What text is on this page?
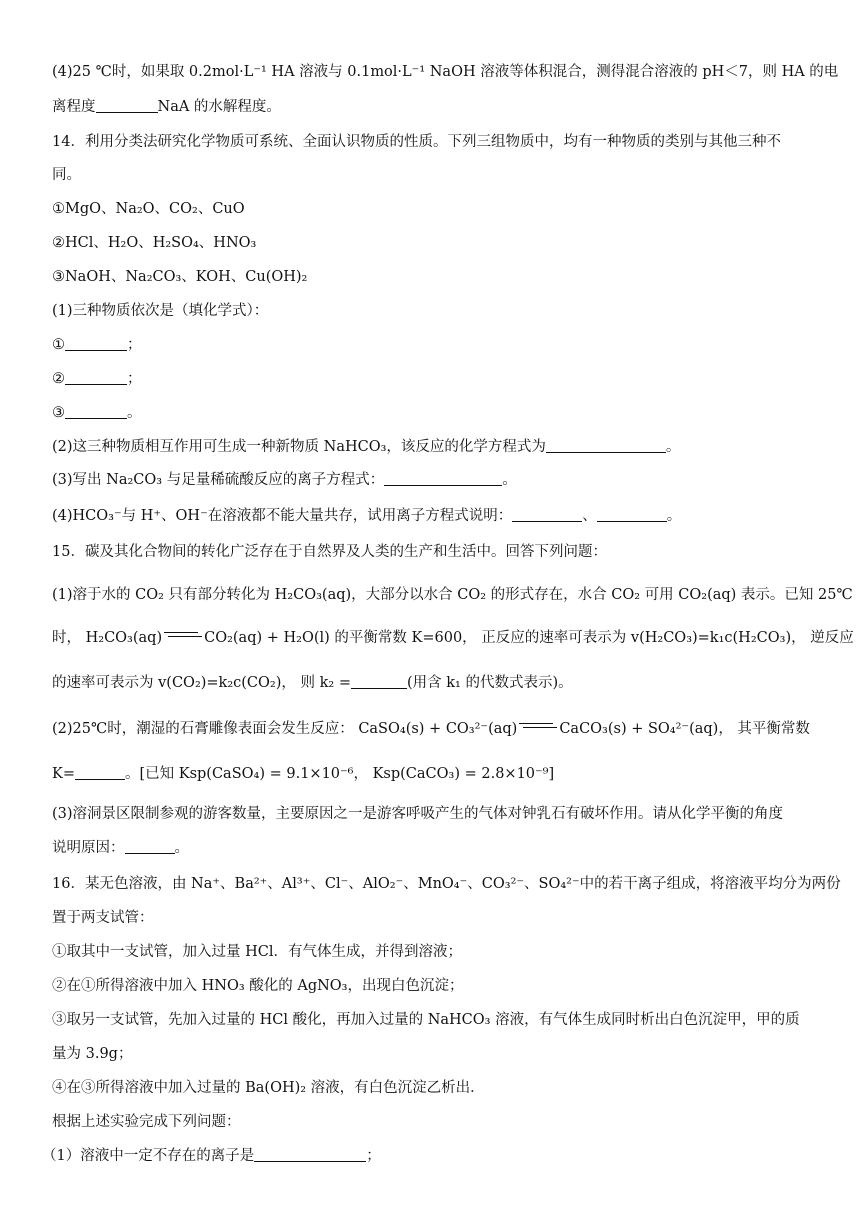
(4)25 ℃时，如果取 0.2mol·L⁻¹ HA 溶液与 0.1mol·L⁻¹ NaOH 溶液等体积混合，测得混合溶液的 pH＜7，则 HA 的电
离程度	NaA 的水解程度。
14．利用分类法研究化学物质可系统、全面认识物质的性质。下列三组物质中，均有一种物质的类别与其他三种不
同。
①MgO、Na₂O、CO₂、CuO
②HCl、H₂O、H₂SO₄、HNO₃
③NaOH、Na₂CO₃、KOH、Cu(OH)₂
(1)三种物质依次是（填化学式）：
①	；
②	；
③	。
(2)这三种物质相互作用可生成一种新物质 NaHCO₃，该反应的化学方程式为	。
(3)写出 Na₂CO₃ 与足量稀硫酸反应的离子方程式：	。
(4)HCO₃⁻与 H⁺、OH⁻在溶液都不能大量共存，试用离子方程式说明：	、	。
15．碳及其化合物间的转化广泛存在于自然界及人类的生产和生活中。回答下列问题：
(1)溶于水的 CO₂ 只有部分转化为 H₂CO₃(aq)，大部分以水合 CO₂ 的形式存在，水合 CO₂ 可用 CO₂(aq) 表示。已知 25℃
时， H₂CO₃(aq)	CO₂(aq) + H₂O(l) 的平衡常数 K=600， 正反应的速率可表示为 v(H₂CO₃)=k₁c(H₂CO₃)， 逆反应
的速率可表示为 v(CO₂)=k₂c(CO₂)， 则 k₂ =	(用含 k₁ 的代数式表示)。
(2)25℃时，潮湿的石膏雕像表面会发生反应： CaSO₄(s) + CO₃²⁻(aq)	CaCO₃(s) + SO₄²⁻(aq)， 其平衡常数
K=	。[已知 Ksp(CaSO₄) = 9.1×10⁻⁶， Ksp(CaCO₃) = 2.8×10⁻⁹]
(3)溶洞景区限制参观的游客数量，主要原因之一是游客呼吸产生的气体对钟乳石有破坏作用。请从化学平衡的角度
说明原因：	。
16．某无色溶液，由 Na⁺、Ba²⁺、Al³⁺、Cl⁻、AlO₂⁻、MnO₄⁻、CO₃²⁻、SO₄²⁻中的若干离子组成，将溶液平均分为两份
置于两支试管：
①取其中一支试管，加入过量 HCl．有气体生成，并得到溶液；
②在①所得溶液中加入 HNO₃ 酸化的 AgNO₃，出现白色沉淀；
③取另一支试管，先加入过量的 HCl 酸化，再加入过量的 NaHCO₃ 溶液，有气体生成同时析出白色沉淀甲，甲的质
量为 3.9g；
④在③所得溶液中加入过量的 Ba(OH)₂ 溶液，有白色沉淀乙析出．
根据上述实验完成下列问题：
（1）溶液中一定不存在的离子是	；
